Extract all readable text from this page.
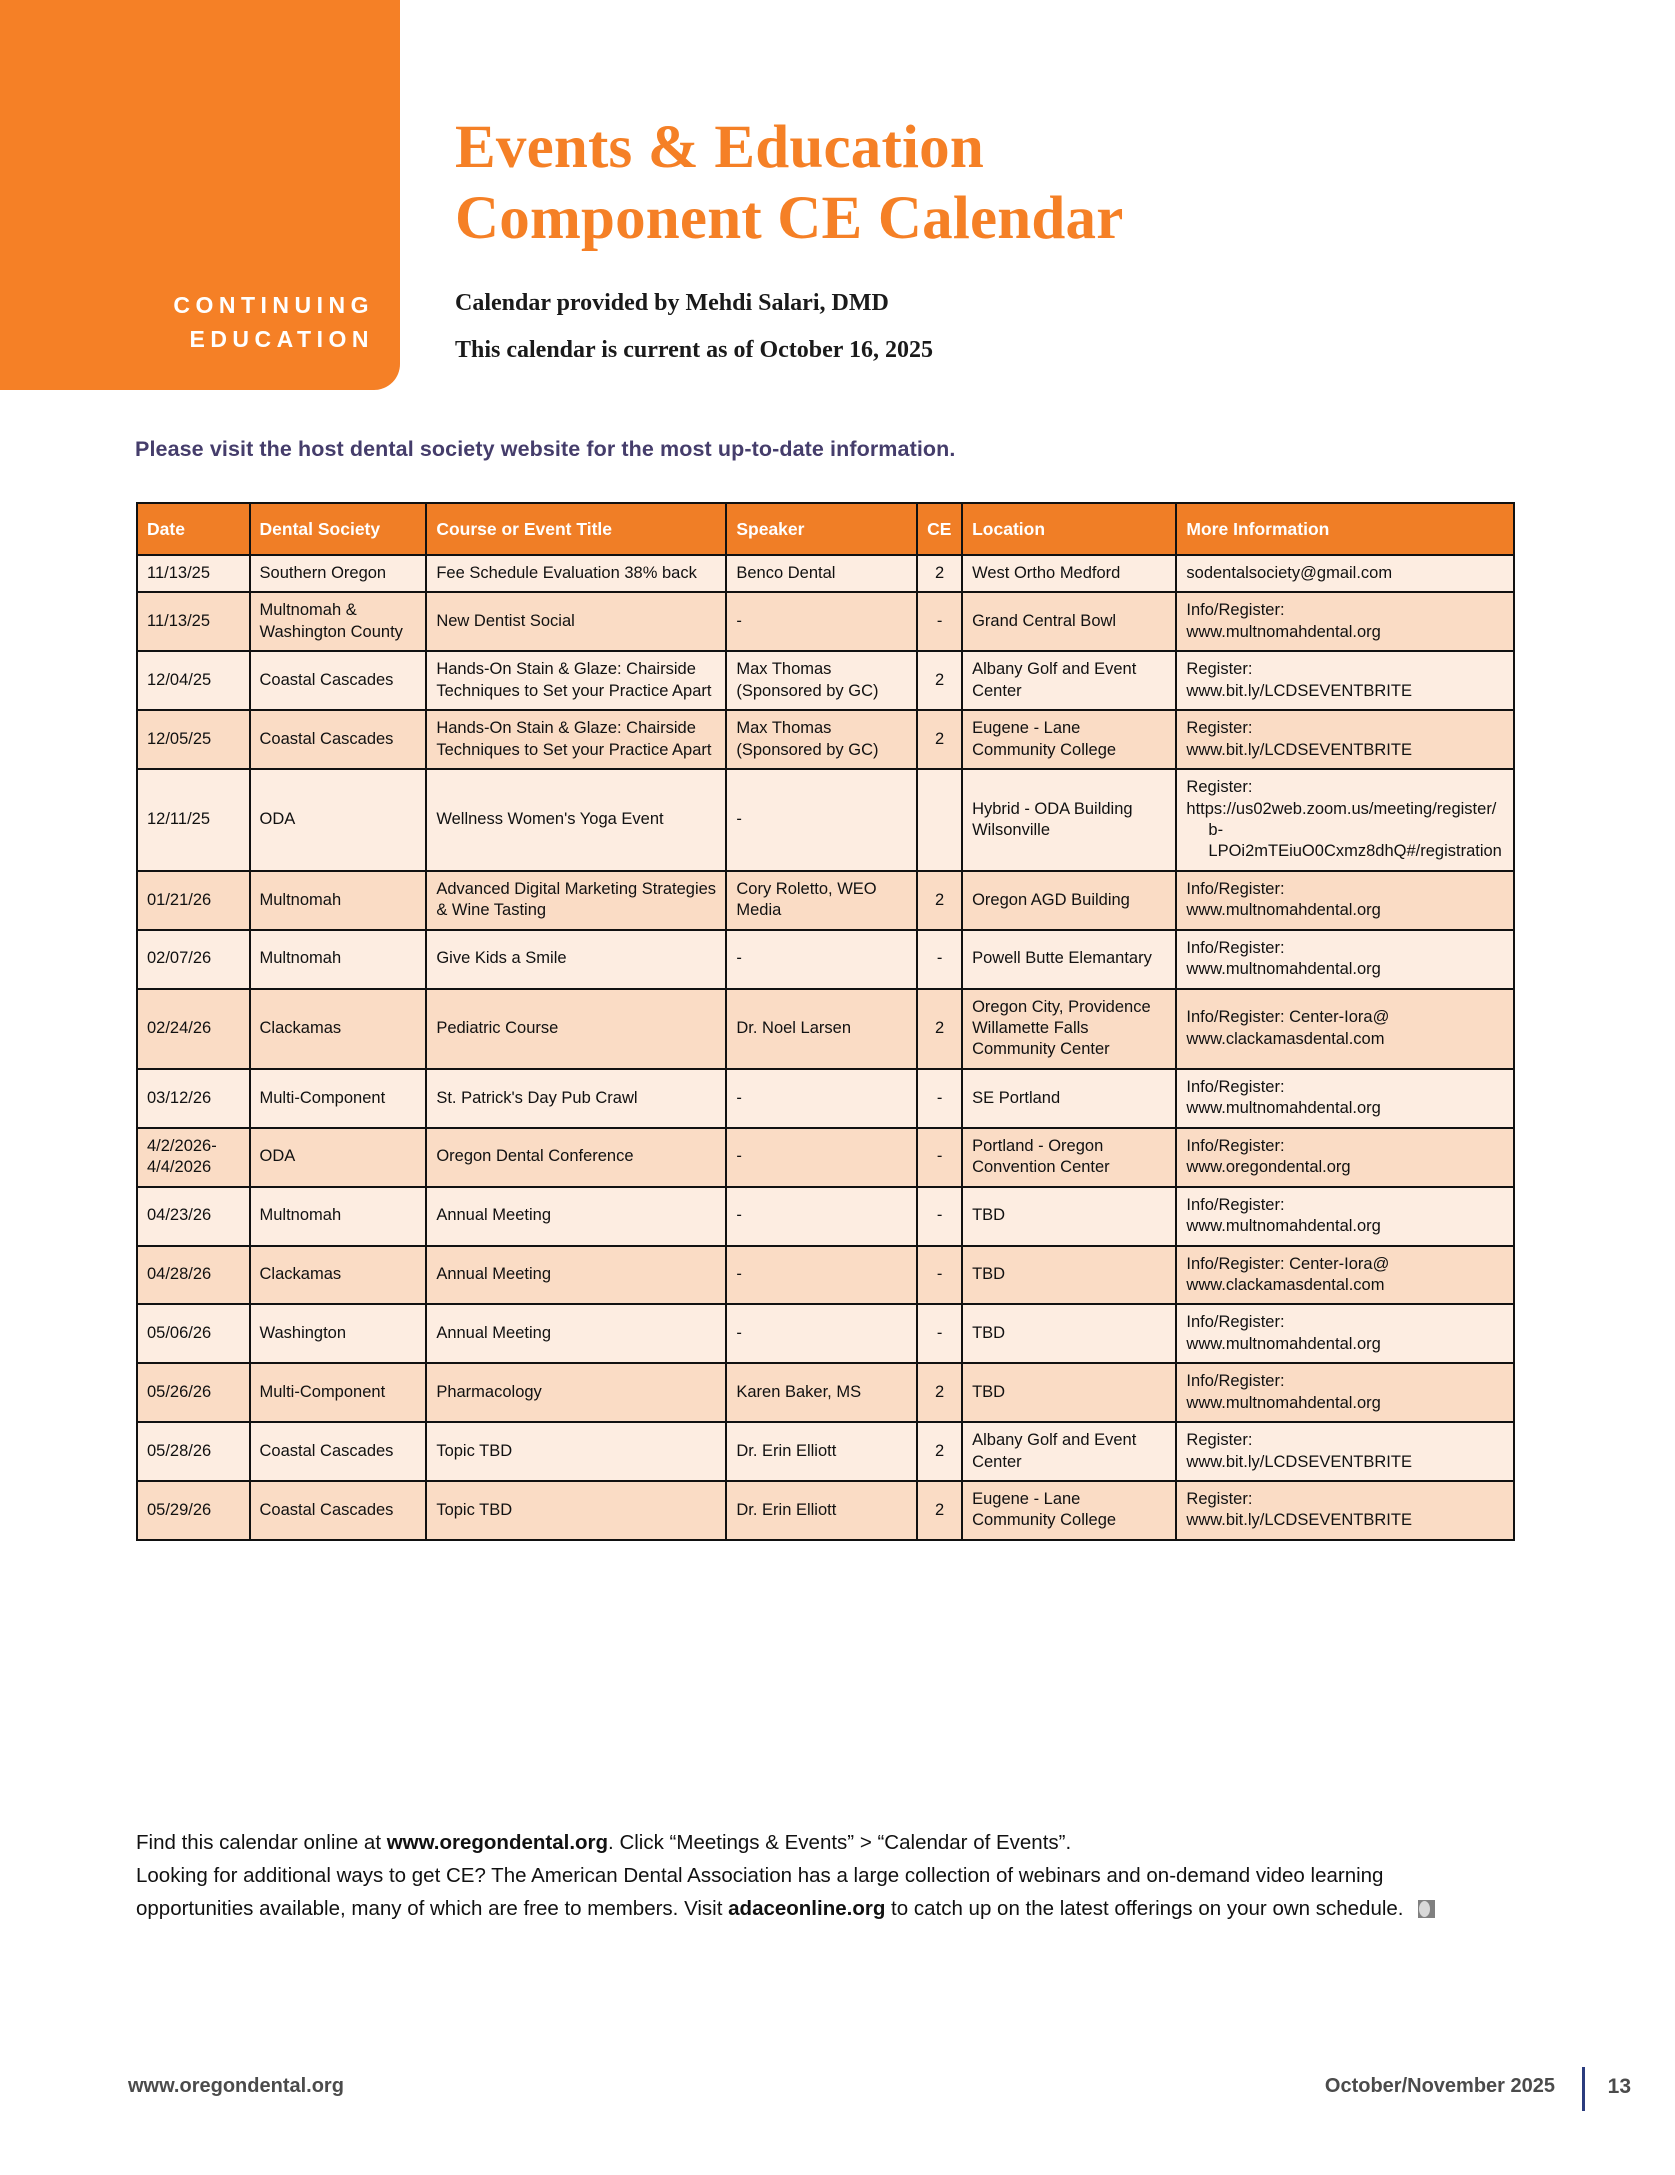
CONTINUING
EDUCATION
Events & Education
Component CE Calendar

Calendar provided by Mehdi Salari, DMD

This calendar is current as of October 16, 2025

Please visit the host dental society website for the most up-to-date information.
Date	Dental Society	Course or Event Title	Speaker	CE	Location	More Information
11/13/25	Southern Oregon	Fee Schedule Evaluation 38% back	Benco Dental	2	West Ortho Medford	sodentalsociety@gmail.com

11/13/25	Multnomah & Washington County	New Dentist Social	-	-	Grand Central Bowl	Info/Register:
www.multnomahdental.org

12/04/25	Coastal Cascades	Hands-On Stain & Glaze: Chairside Techniques to Set your Practice Apart	Max Thomas (Sponsored by GC)	2	Albany Golf and Event Center	Register:
www.bit.ly/LCDSEVENTBRITE

12/05/25	Coastal Cascades	Hands-On Stain & Glaze: Chairside Techniques to Set your Practice Apart	Max Thomas (Sponsored by GC)	2	Eugene - Lane Community College	Register:
www.bit.ly/LCDSEVENTBRITE

12/11/25	ODA	Wellness Women's Yoga Event	-		Hybrid - ODA Building Wilsonville	Register:
https://us02web.zoom.us/meeting/register/b-LPOi2mTEiuO0Cxmz8dhQ#/registration

01/21/26	Multnomah	Advanced Digital Marketing Strategies & Wine Tasting	Cory Roletto, WEO Media	2	Oregon AGD Building	Info/Register:
www.multnomahdental.org

02/07/26	Multnomah	Give Kids a Smile	-	-	Powell Butte Elemantary	Info/Register:
www.multnomahdental.org

02/24/26	Clackamas	Pediatric Course	Dr. Noel Larsen	2	Oregon City, Providence Willamette Falls Community Center	Info/Register: Center-Iora@
www.clackamasdental.com

03/12/26	Multi-Component	St. Patrick's Day Pub Crawl	-	-	SE Portland	Info/Register:
www.multnomahdental.org

4/2/2026-4/4/2026	ODA	Oregon Dental Conference	-	-	Portland - Oregon Convention Center	Info/Register:
www.oregondental.org

04/23/26	Multnomah	Annual Meeting	-	-	TBD	Info/Register:
www.multnomahdental.org

04/28/26	Clackamas	Annual Meeting	-	-	TBD	Info/Register: Center-Iora@
www.clackamasdental.com

05/06/26	Washington	Annual Meeting	-	-	TBD	Info/Register:
www.multnomahdental.org

05/26/26	Multi-Component	Pharmacology	Karen Baker, MS	2	TBD	Info/Register:
www.multnomahdental.org

05/28/26	Coastal Cascades	Topic TBD	Dr. Erin Elliott	2	Albany Golf and Event Center	Register:
www.bit.ly/LCDSEVENTBRITE

05/29/26	Coastal Cascades	Topic TBD	Dr. Erin Elliott	2	Eugene - Lane Community College	Register:
www.bit.ly/LCDSEVENTBRITE
Find this calendar online at www.oregondental.org. Click “Meetings & Events” > “Calendar of Events”.
Looking for additional ways to get CE? The American Dental Association has a large collection of webinars and on-demand video learning opportunities available, many of which are free to members. Visit adaceonline.org to catch up on the latest offerings on your own schedule.
www.oregondental.org	October/November 2025	13
